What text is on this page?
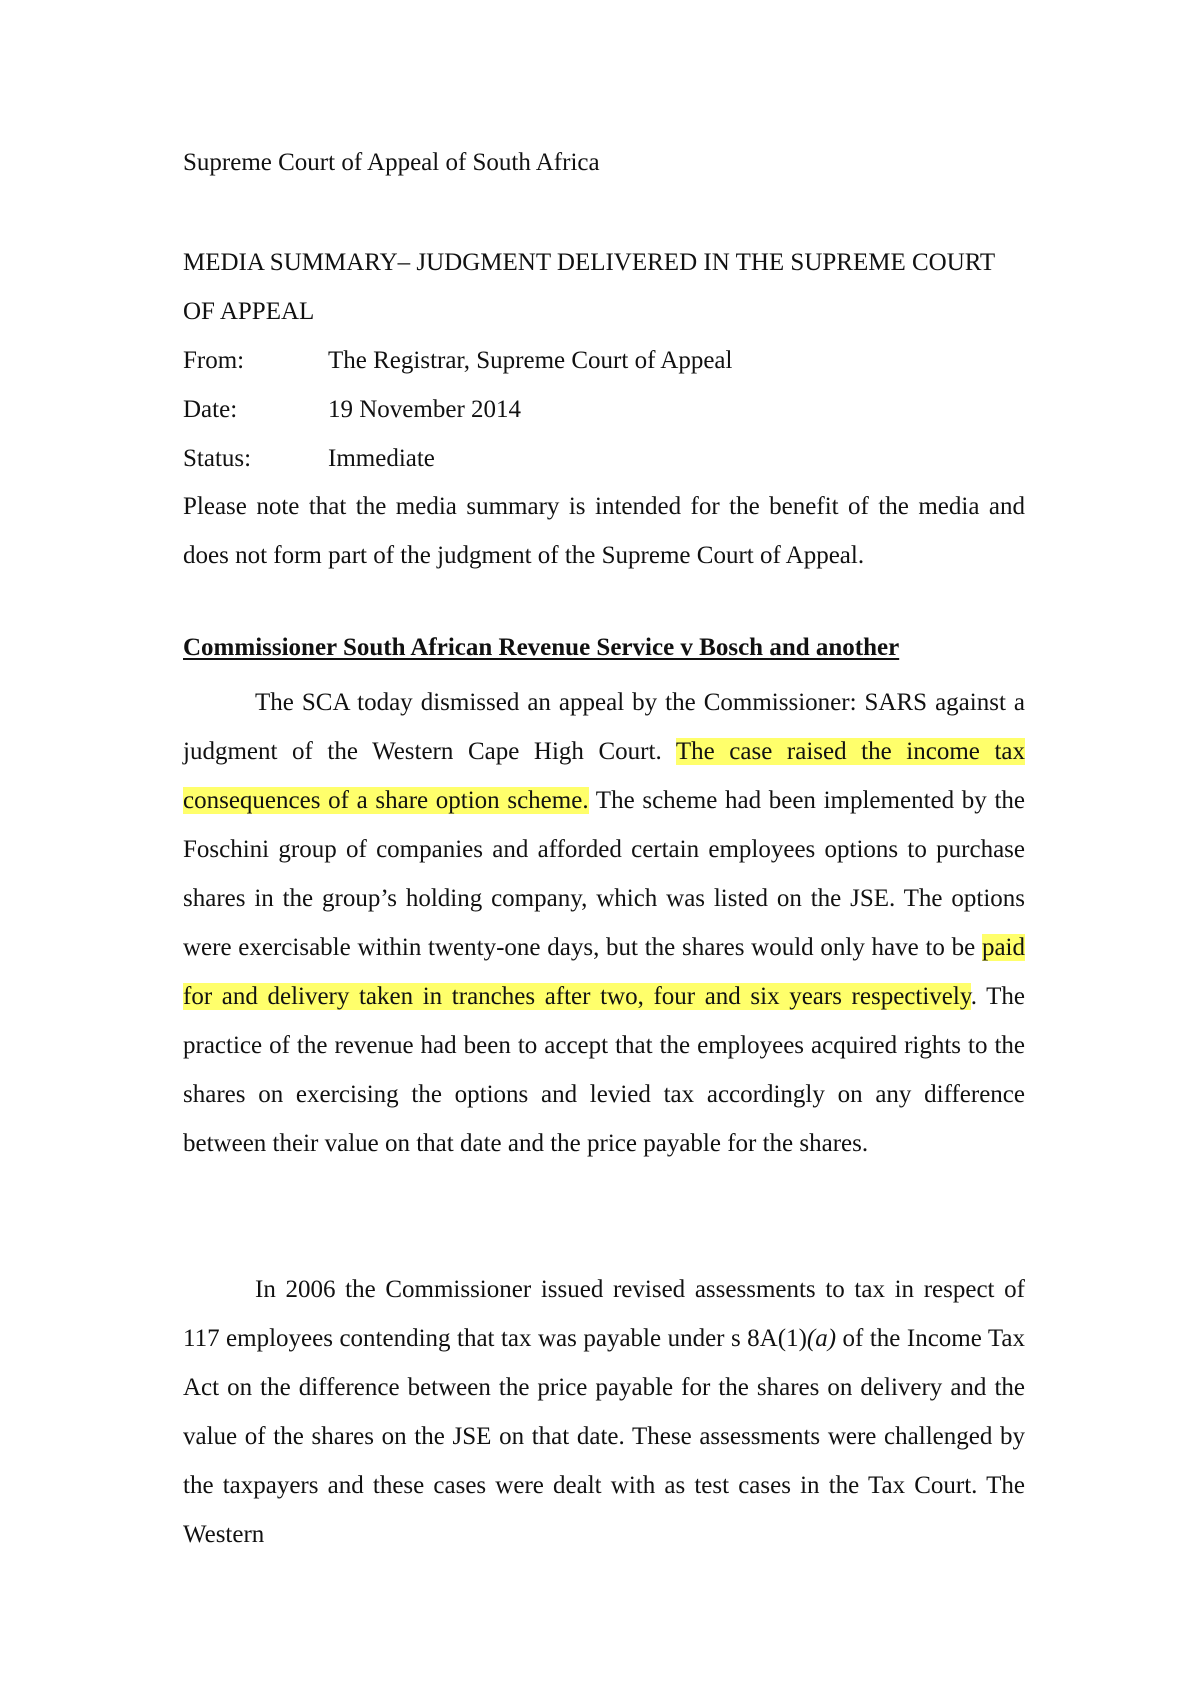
Supreme Court of Appeal of South Africa
MEDIA SUMMARY– JUDGMENT DELIVERED IN THE SUPREME COURT OF APPEAL
From:	The Registrar, Supreme Court of Appeal
Date:	19 November 2014
Status:	Immediate
Please note that the media summary is intended for the benefit of the media and does not form part of the judgment of the Supreme Court of Appeal.
Commissioner South African Revenue Service v Bosch and another
The SCA today dismissed an appeal by the Commissioner: SARS against a judgment of the Western Cape High Court. The case raised the income tax consequences of a share option scheme. The scheme had been implemented by the Foschini group of companies and afforded certain employees options to purchase shares in the group’s holding company, which was listed on the JSE. The options were exercisable within twenty-one days, but the shares would only have to be paid for and delivery taken in tranches after two, four and six years respectively. The practice of the revenue had been to accept that the employees acquired rights to the shares on exercising the options and levied tax accordingly on any difference between their value on that date and the price payable for the shares.
In 2006 the Commissioner issued revised assessments to tax in respect of 117 employees contending that tax was payable under s 8A(1)(a) of the Income Tax Act on the difference between the price payable for the shares on delivery and the value of the shares on the JSE on that date. These assessments were challenged by the taxpayers and these cases were dealt with as test cases in the Tax Court. The Western
